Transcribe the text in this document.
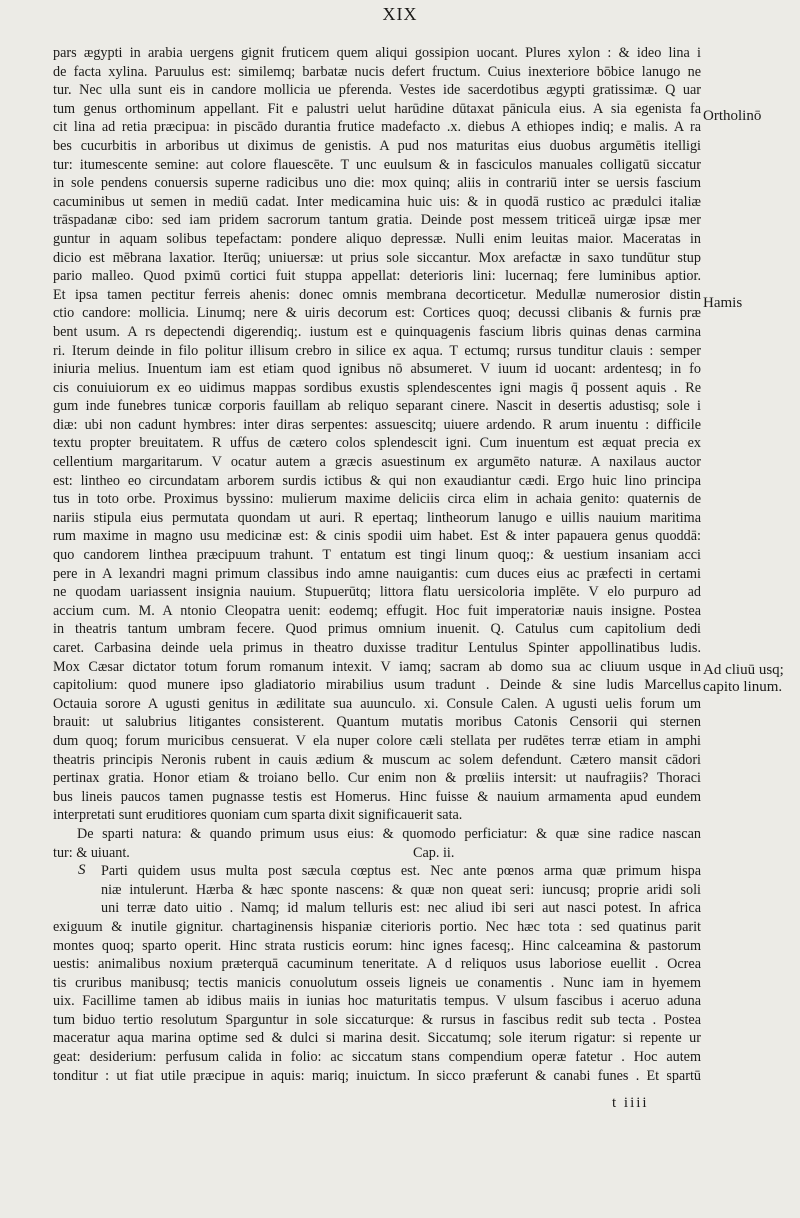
XIX
pars ægypti in arabia uergens gignit fruticem quem aliqui gossipion uocant. Plures xylon : & ideo lina i
de facta xylina. Paruulus est: similemq; barbatæ nucis defert fructum. Cuius inexteriore bōbice lanugo ne
tur. Nec ulla sunt eis in candore mollicia ue pferenda. Vestes ide sacerdotibus ægypti gratissimæ. Q uar
tum genus orthominum appellant. Fit e palustri uelut harūdine dūtaxat pānicula eius. A sia egenista fa
cit lina ad retia præcipua: in piscādo durantia frutice madefacto .x. diebus A ethiopes indiq; e malis. A ra
bes cucurbitis in arboribus ut diximus de genistis. A pud nos maturitas eius duobus argumētis itelligi
tur: itumescente semine: aut colore flauescēte. T unc euulsum & in fasciculos manuales colligatū siccatur
in sole pendens conuersis superne radicibus uno die: mox quinq; aliis in contrariū inter se uersis fascium
cacuminibus ut semen in mediū cadat. Inter medicamina huic uis: & in quodā rustico ac prædulci italiæ
trāspadanæ cibo: sed iam pridem sacrorum tantum gratia. Deinde post messem triticeā uirgæ ipsæ mer
guntur in aquam solibus tepefactam: pondere aliquo depressæ. Nulli enim leuitas maior. Maceratas in
dicio est mēbrana laxatior. Iterūq; uniuersæ: ut prius sole siccantur. Mox arefactæ in saxo tundūtur stup
pario malleo. Quod pximū cortici fuit stuppa appellat: deterioris lini: lucernaq; fere luminibus aptior.
Et ipsa tamen pectitur ferreis ahenis: donec omnis membrana decorticetur. Medullæ numerosior distin
ctio candore: mollicia. Linumq; nere & uiris decorum est: Cortices quoq; decussi clibanis & furnis præ
bent usum. A rs depectendi digerendiq;. iustum est e quinquagenis fascium libris quinas denas carmina
ri. Iterum deinde in filo politur illisum crebro in silice ex aqua. T ectumq; rursus tunditur clauis : semper
iniuria melius. Inuentum iam est etiam quod ignibus nō absumeret. V iuum id uocant: ardentesq; in fo
cis conuiuiorum ex eo uidimus mappas sordibus exustis splendescentes igni magis q̄ possent aquis . Re
gum inde funebres tunicæ corporis fauillam ab reliquo separant cinere. Nascit in desertis adustisq; sole i
diæ: ubi non cadunt hymbres: inter diras serpentes: assuescitq; uiuere ardendo. R arum inuentu : difficile
textu propter breuitatem. R uffus de cætero colos splendescit igni. Cum inuentum est æquat precia ex
cellentium margaritarum. V ocatur autem a græcis asuestinum ex argumēto naturæ. A naxilaus auctor
est: lintheo eo circundatam arborem surdis ictibus & qui non exaudiantur cædi. Ergo huic lino principa
tus in toto orbe. Proximus byssino: mulierum maxime deliciis circa elim in achaia genito: quaternis de
nariis stipula eius permutata quondam ut auri. R epertaq; lintheorum lanugo e uillis nauium maritima
rum maxime in magno usu medicinæ est: & cinis spodii uim habet. Est & inter papauera genus quoddā:
quo candorem linthea præcipuum trahunt. T entatum est tingi linum quoq;: & uestium insaniam acci
pere in A lexandri magni primum classibus indo amne nauigantis: cum duces eius ac præfecti in certami
ne quodam uariassent insignia nauium. Stupuerūtq; littora flatu uersicoloria implēte. V elo purpuro ad
accium cum. M. A ntonio Cleopatra uenit: eodemq; effugit. Hoc fuit imperatoriæ nauis insigne. Postea
in theatris tantum umbram fecere. Quod primus omnium inuenit. Q. Catulus cum capitolium dedi
caret. Carbasina deinde uela primus in theatro duxisse traditur Lentulus Spinter appollinatibus ludis.
Mox Cæsar dictator totum forum romanum intexit. V iamq; sacram ab domo sua ac cliuum usque in
capitolium: quod munere ipso gladiatorio mirabilius usum tradunt . Deinde & sine ludis Marcellus
Octauia sorore A ugusti genitus in ædilitate sua auunculo. xi. Consule Calen. A ugusti uelis forum um
brauit: ut salubrius litigantes consisterent. Quantum mutatis moribus Catonis Censorii qui sternen
dum quoq; forum muricibus censuerat. V ela nuper colore cæli stellata per rudētes terræ etiam in amphi
theatris principis Neronis rubent in cauis ædium & muscum ac solem defendunt. Cætero mansit cādori
pertinax gratia. Honor etiam & troiano bello. Cur enim non & prœliis intersit: ut naufragiis? Thoraci
bus lineis paucos tamen pugnasse testis est Homerus. Hinc fuisse & nauium armamenta apud eundem
interpretati sunt eruditiores quoniam cum sparta dixit significauerit sata.
De sparti natura: & quando primum usus eius: & quomodo perficiatur: & quæ sine radice nascan
tur: & uiuant.	Cap. ii.
Parti quidem usus multa post sæcula cœptus est. Nec ante pœnos arma quæ primum hispa
niæ intulerunt. Hærba & hæc sponte nascens: & quæ non queat seri: iuncusq; proprie aridi soli
uni terræ dato uitio . Namq; id malum telluris est: nec aliud ibi seri aut nasci potest. In africa
exiguum & inutile gignitur. chartaginensis hispaniæ citerioris portio. Nec hæc tota : sed quatinus parit
montes quoq; sparto operit. Hinc strata rusticis eorum: hinc ignes facesq;. Hinc calceamina & pastorum
uestis: animalibus noxium præterquā cacuminum teneritate. A d reliquos usus laboriose euellit . Ocrea
tis cruribus manibusq; tectis manicis conuolutum osseis ligneis ue conamentis . Nunc iam in hyemem
uix. Facillime tamen ab idibus maiis in iunias hoc maturitatis tempus. V ulsum fascibus i aceruo aduna
tum biduo tertio resolutum Sparguntur in sole siccaturque: & rursus in fascibus redit sub tecta . Postea
maceratur aqua marina optime sed & dulci si marina desit. Siccatumq; sole iterum rigatur: si repente ur
geat: desiderium: perfusum calida in folio: ac siccatum stans compendium operæ fatetur . Hoc autem
tonditur : ut fiat utile præcipue in aquis: mariq; inuictum. In sicco præferunt & canabi funes . Et spartū
S
Ortholinō
Hamis
Ad cliuū usq; capito linum.
t iiii
